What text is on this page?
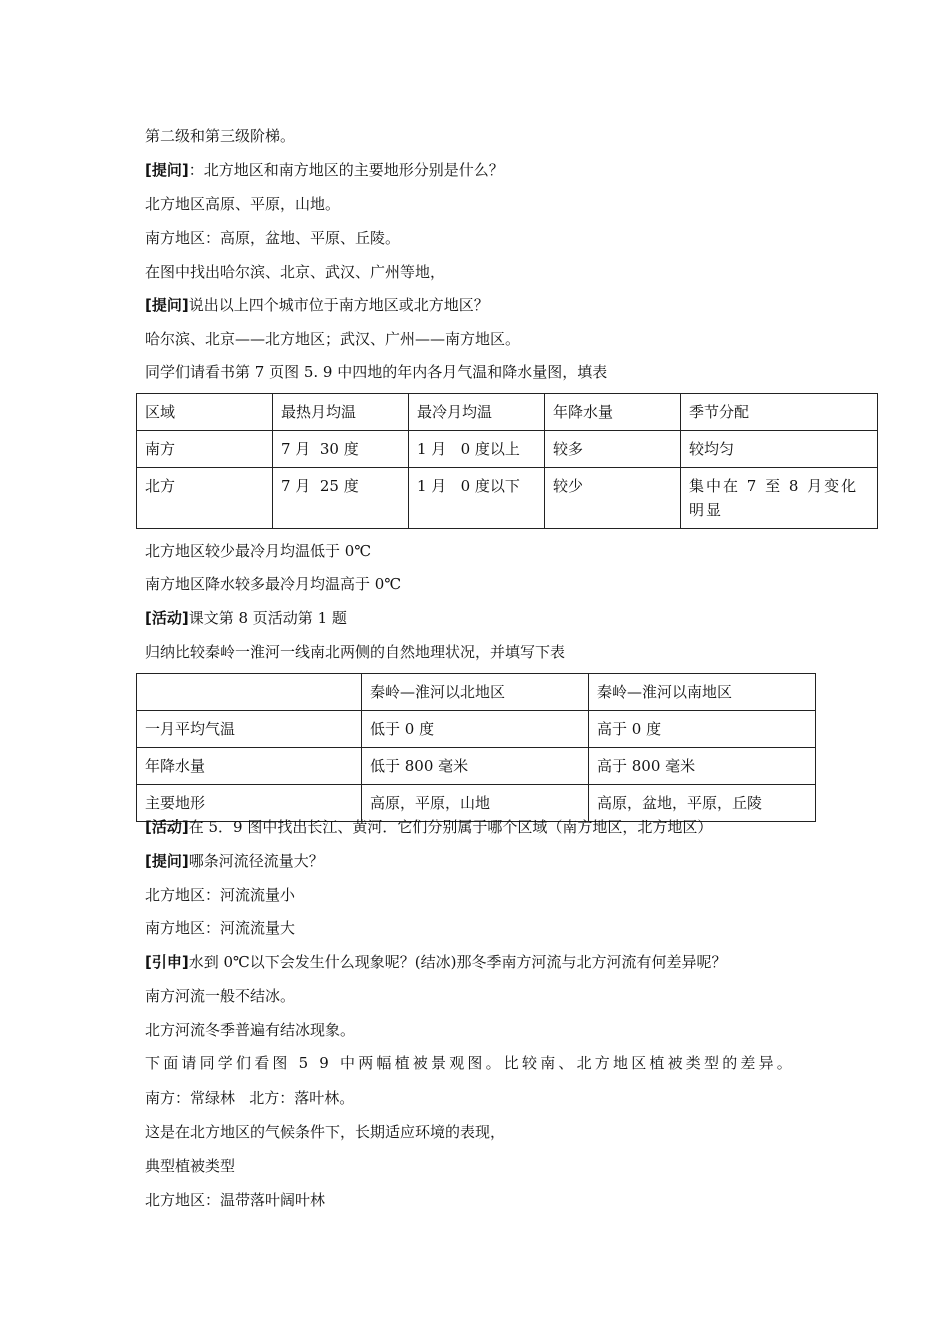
第二级和第三级阶梯。
[提问]：北方地区和南方地区的主要地形分别是什么？
北方地区高原、平原，山地。
南方地区：高原，盆地、平原、丘陵。
在图中找出哈尔滨、北京、武汉、广州等地，
[提问]说出以上四个城市位于南方地区或北方地区？
哈尔滨、北京——北方地区；武汉、广州——南方地区。
同学们请看书第 7 页图 5. 9 中四地的年内各月气温和降水量图，填表
区域	最热月均温	最冷月均温	年降水量	季节分配
南方	7 月  30 度	1 月   0 度以上	较多	较均匀
北方	7 月  25 度	1 月   0 度以下	较少	集中在 7 至 8 月变化明显
北方地区较少最冷月均温低于 0℃
南方地区降水较多最冷月均温高于 0℃
[活动]课文第 8 页活动第 1 题
归纳比较秦岭一淮河一线南北两侧的自然地理状况，并填写下表
	秦岭—淮河以北地区	秦岭—淮河以南地区
一月平均气温	低于 0 度	高于 0 度
年降水量	低于 800 毫米	高于 800 毫米
主要地形	高原，平原，山地	高原，盆地，平原，丘陵
[活动]在 5．9 图中找出长江、黄河．它们分别属于哪个区域（南方地区，北方地区）
[提问]哪条河流径流量大？
北方地区：河流流量小
南方地区：河流流量大
[引申]水到 0℃以下会发生什么现象呢？(结冰)那冬季南方河流与北方河流有何差异呢？
南方河流一般不结冰。
北方河流冬季普遍有结冰现象。
下面请同学们看图 5 9 中两幅植被景观图。比较南、北方地区植被类型的差异。
南方：常绿林   北方：落叶林。
这是在北方地区的气候条件下，长期适应环境的表现，
典型植被类型
北方地区：温带落叶阔叶林
